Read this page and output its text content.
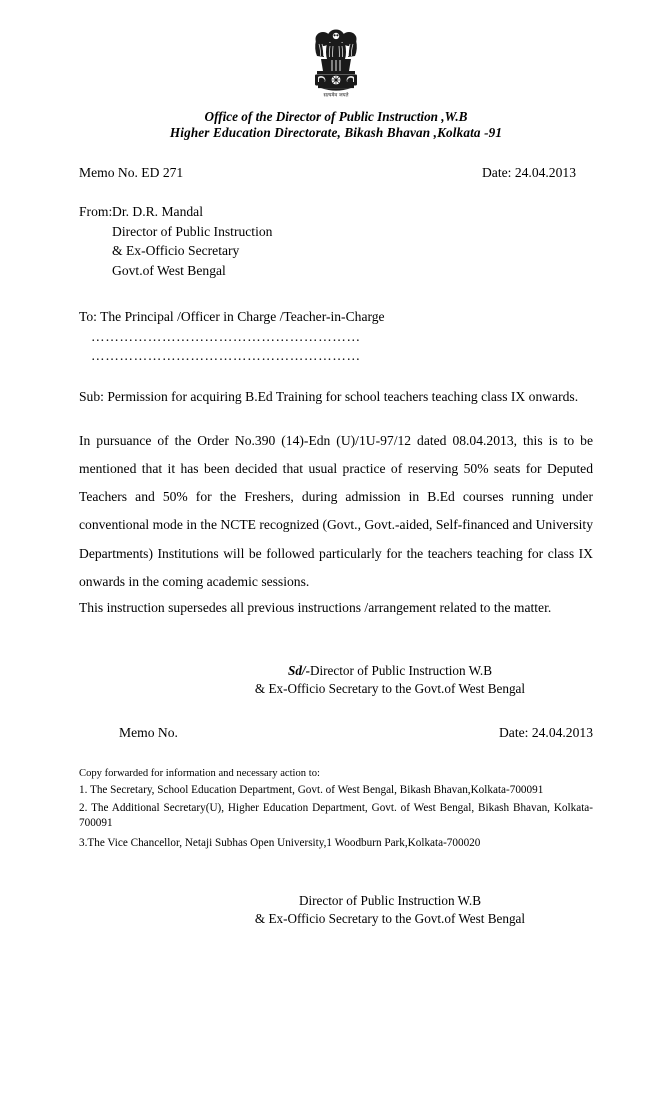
सत्यमेव जयते
Office of the Director of Public Instruction ,W.B
Higher Education Directorate, Bikash Bhavan ,Kolkata -91
Memo No. ED 271	Date: 24.04.2013
From: Dr. D.R. Mandal
Director of Public Instruction
& Ex-Officio Secretary
Govt.of West Bengal
To: The Principal /Officer in Charge /Teacher-in-Charge
…………………………………………………
…………………………………………………
Sub: Permission for acquiring B.Ed Training for school teachers teaching class IX onwards.
In pursuance of the Order No.390 (14)-Edn (U)/1U-97/12 dated 08.04.2013, this is to be mentioned that it has been decided that usual practice of reserving 50% seats for Deputed Teachers and 50% for the Freshers, during admission in B.Ed courses running under conventional mode in the NCTE recognized (Govt., Govt.-aided, Self-financed and University Departments) Institutions will be followed particularly for the teachers teaching for class IX onwards in the coming academic sessions.
This instruction supersedes all previous instructions /arrangement related to the matter.
Sd/-Director of Public Instruction W.B
& Ex-Officio Secretary to the Govt.of West Bengal
Memo No.	Date: 24.04.2013
Copy forwarded for information and necessary action to:
1. The Secretary, School Education Department, Govt. of West Bengal, Bikash Bhavan,Kolkata-700091
2. The Additional Secretary(U), Higher Education Department, Govt. of West Bengal, Bikash Bhavan, Kolkata-700091
3.The Vice Chancellor, Netaji Subhas Open University,1 Woodburn Park,Kolkata-700020
Director of Public Instruction W.B
& Ex-Officio Secretary to the Govt.of West Bengal
